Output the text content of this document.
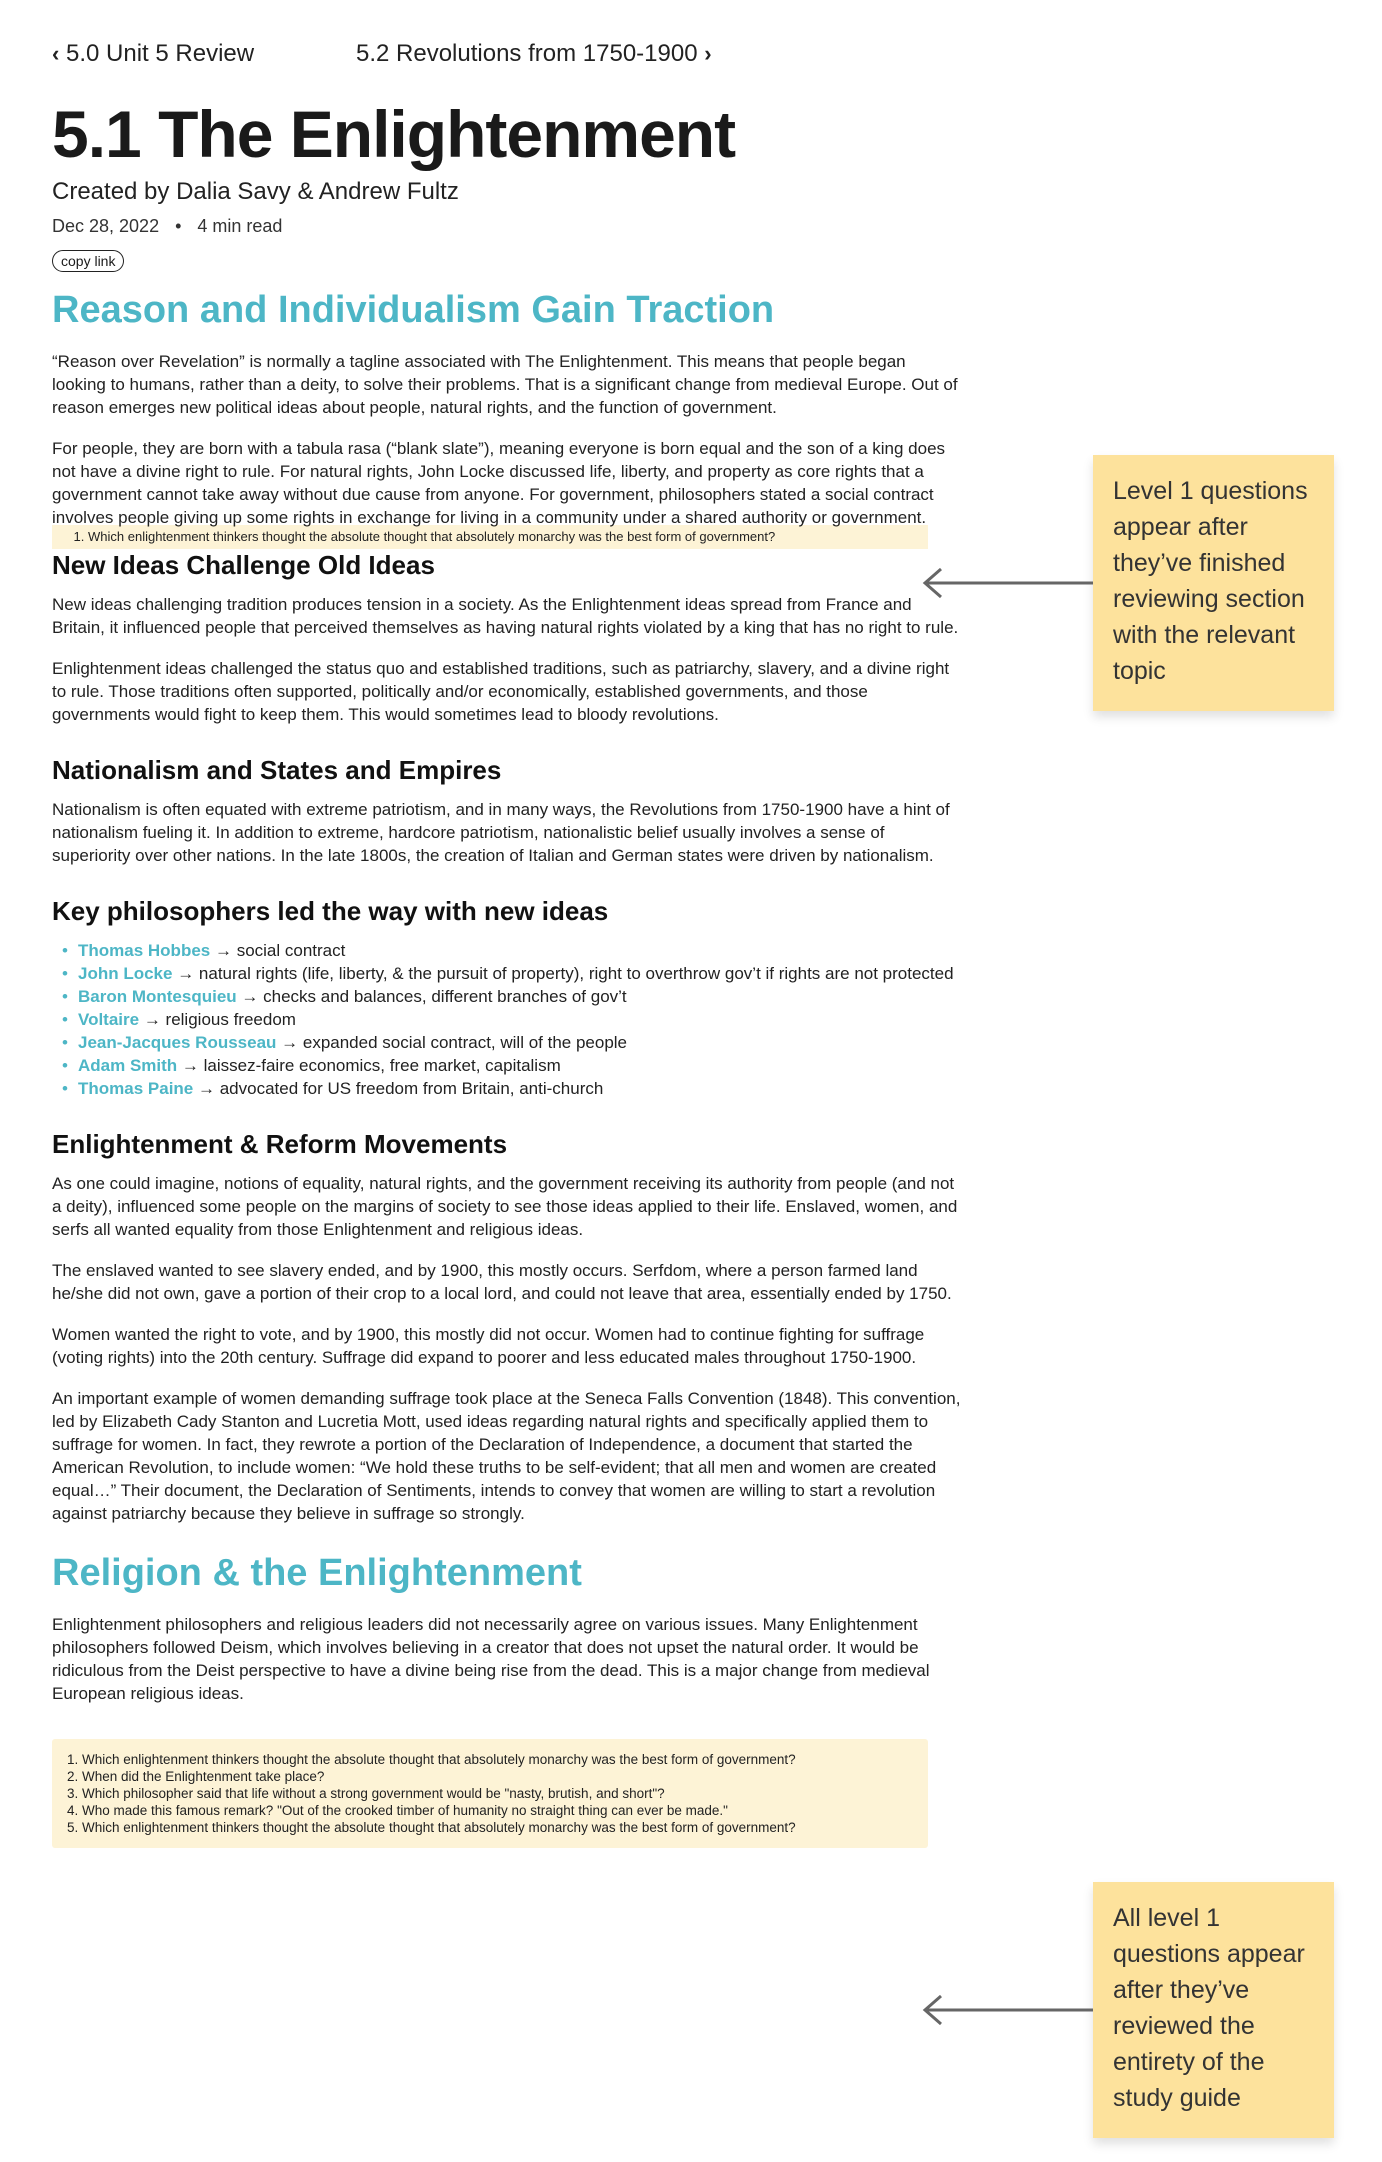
‹ 5.0 Unit 5 Review	5.2 Revolutions from 1750-1900 ›
5.1 The Enlightenment
Created by Dalia Savy & Andrew Fultz
Dec 28, 2022 • 4 min read
copy link
Reason and Individualism Gain Traction

“Reason over Revelation” is normally a tagline associated with The Enlightenment. This means that people began looking to humans, rather than a deity, to solve their problems. That is a significant change from medieval Europe. Out of reason emerges new political ideas about people, natural rights, and the function of government.

For people, they are born with a tabula rasa (“blank slate”), meaning everyone is born equal and the son of a king does not have a divine right to rule. For natural rights, John Locke discussed life, liberty, and property as core rights that a government cannot take away without due cause from anyone. For government, philosophers stated a social contract involves people giving up some rights in exchange for living in a community under a shared authority or government.

1. Which enlightenment thinkers thought the absolute thought that absolutely monarchy was the best form of government?
New Ideas Challenge Old Ideas

New ideas challenging tradition produces tension in a society. As the Enlightenment ideas spread from France and Britain, it influenced people that perceived themselves as having natural rights violated by a king that has no right to rule.

Enlightenment ideas challenged the status quo and established traditions, such as patriarchy, slavery, and a divine right to rule. Those traditions often supported, politically and/or economically, established governments, and those governments would fight to keep them. This would sometimes lead to bloody revolutions.

Nationalism and States and Empires

Nationalism is often equated with extreme patriotism, and in many ways, the Revolutions from 1750-1900 have a hint of nationalism fueling it. In addition to extreme, hardcore patriotism, nationalistic belief usually involves a sense of superiority over other nations. In the late 1800s, the creation of Italian and German states were driven by nationalism.

Key philosophers led the way with new ideas
• Thomas Hobbes → social contract
• John Locke → natural rights (life, liberty, & the pursuit of property), right to overthrow gov’t if rights are not protected
• Baron Montesquieu → checks and balances, different branches of gov’t
• Voltaire → religious freedom
• Jean-Jacques Rousseau → expanded social contract, will of the people
• Adam Smith → laissez-faire economics, free market, capitalism
• Thomas Paine → advocated for US freedom from Britain, anti-church
Enlightenment & Reform Movements

As one could imagine, notions of equality, natural rights, and the government receiving its authority from people (and not a deity), influenced some people on the margins of society to see those ideas applied to their life. Enslaved, women, and serfs all wanted equality from those Enlightenment and religious ideas.

The enslaved wanted to see slavery ended, and by 1900, this mostly occurs. Serfdom, where a person farmed land he/she did not own, gave a portion of their crop to a local lord, and could not leave that area, essentially ended by 1750.

Women wanted the right to vote, and by 1900, this mostly did not occur. Women had to continue fighting for suffrage (voting rights) into the 20th century. Suffrage did expand to poorer and less educated males throughout 1750-1900.

An important example of women demanding suffrage took place at the Seneca Falls Convention (1848). This convention, led by Elizabeth Cady Stanton and Lucretia Mott, used ideas regarding natural rights and specifically applied them to suffrage for women. In fact, they rewrote a portion of the Declaration of Independence, a document that started the American Revolution, to include women: “We hold these truths to be self-evident; that all men and women are created equal…” Their document, the Declaration of Sentiments, intends to convey that women are willing to start a revolution against patriarchy because they believe in suffrage so strongly.

Religion & the Enlightenment

Enlightenment philosophers and religious leaders did not necessarily agree on various issues. Many Enlightenment philosophers followed Deism, which involves believing in a creator that does not upset the natural order. It would be ridiculous from the Deist perspective to have a divine being rise from the dead. This is a major change from medieval European religious ideas.

1. Which enlightenment thinkers thought the absolute thought that absolutely monarchy was the best form of government?
2. When did the Enlightenment take place?
3. Which philosopher said that life without a strong government would be "nasty, brutish, and short"?
4. Who made this famous remark? "Out of the crooked timber of humanity no straight thing can ever be made."
5. Which enlightenment thinkers thought the absolute thought that absolutely monarchy was the best form of government?
Level 1 questions appear after they’ve finished reviewing section with the relevant topic
All level 1 questions appear after they’ve reviewed the entirety of the study guide
